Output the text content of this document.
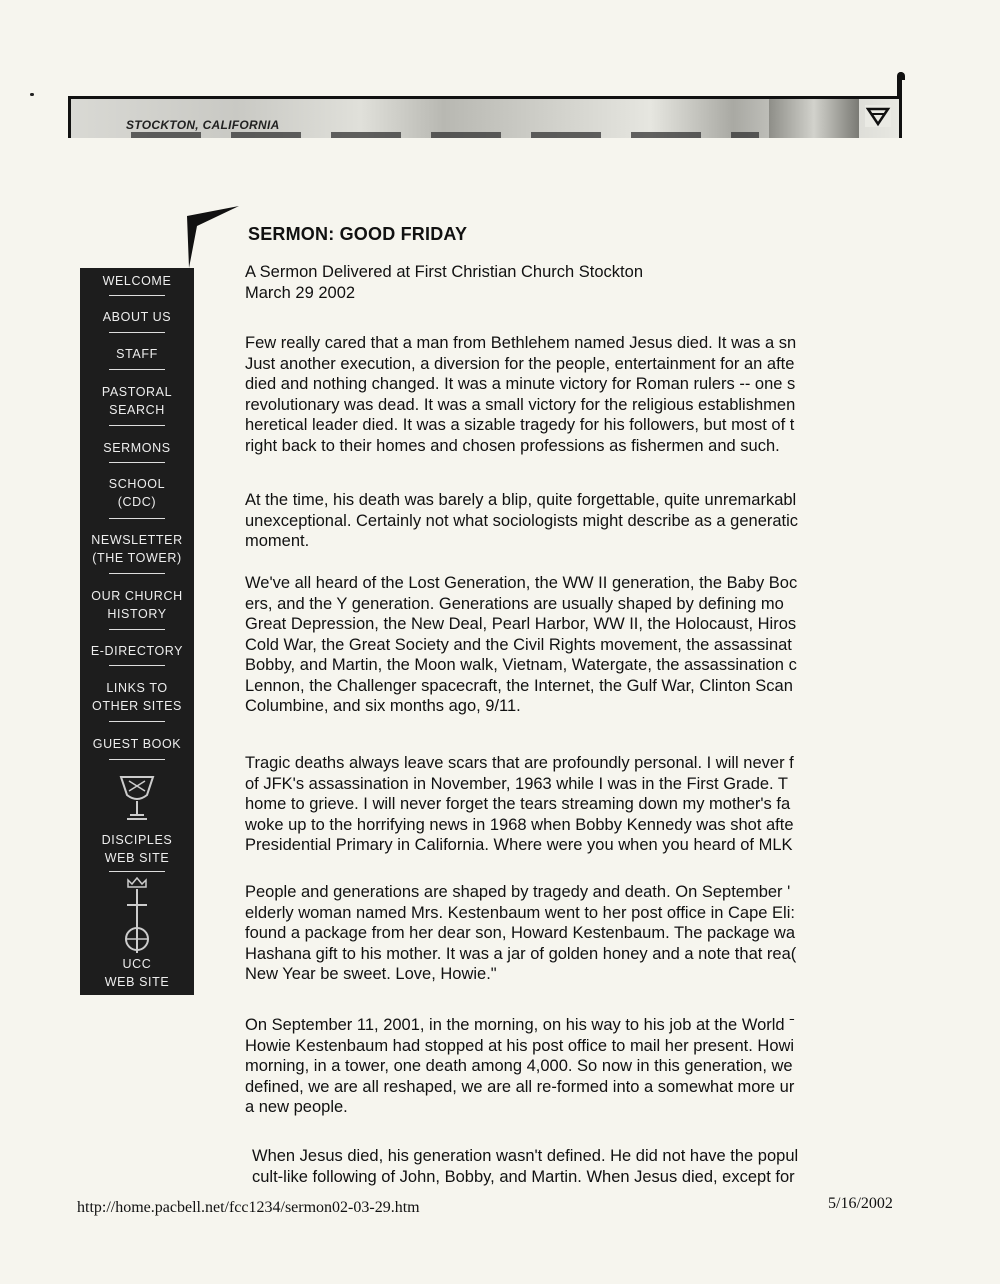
STOCKTON, CALIFORNIA
WELCOME
ABOUT US
STAFF
PASTORAL
SEARCH
SERMONS
SCHOOL
(CDC)
NEWSLETTER
(THE TOWER)
OUR CHURCH
HISTORY
E-DIRECTORY
LINKS TO
OTHER SITES
GUEST BOOK
DISCIPLES
WEB SITE
UCC
WEB SITE
SERMON: GOOD FRIDAY
A Sermon Delivered at First Christian Church Stockton
March 29 2002
Few really cared that a man from Bethlehem named Jesus died. It was a sn
Just another execution, a diversion for the people, entertainment for an afte
died and nothing changed. It was a minute victory for Roman rulers -- one s
revolutionary was dead. It was a small victory for the religious establishmen
heretical leader died. It was a sizable tragedy for his followers, but most of t
right back to their homes and chosen professions as fishermen and such.
At the time, his death was barely a blip, quite forgettable, quite unremarkabl
unexceptional. Certainly not what sociologists might describe as a generatic
moment.
We've all heard of the Lost Generation, the WW II generation, the Baby Boc
ers, and the Y generation. Generations are usually shaped by defining mo
Great Depression, the New Deal, Pearl Harbor, WW II, the Holocaust, Hiros
Cold War, the Great Society and the Civil Rights movement, the assassinat
Bobby, and Martin, the Moon walk, Vietnam, Watergate, the assassination c
Lennon, the Challenger spacecraft, the Internet, the Gulf War, Clinton Scan
Columbine, and six months ago, 9/11.
Tragic deaths always leave scars that are profoundly personal. I will never f
of JFK's assassination in November, 1963 while I was in the First Grade. T
home to grieve. I will never forget the tears streaming down my mother's fa
woke up to the horrifying news in 1968 when Bobby Kennedy was shot afte
Presidential Primary in California. Where were you when you heard of MLK
People and generations are shaped by tragedy and death. On September '
elderly woman named Mrs. Kestenbaum went to her post office in Cape Eli:
found a package from her dear son, Howard Kestenbaum. The package wa
Hashana gift to his mother. It was a jar of golden honey and a note that rea(
New Year be sweet. Love, Howie."
On September 11, 2001, in the morning, on his way to his job at the World ˉ
Howie Kestenbaum had stopped at his post office to mail her present. Howi
morning, in a tower, one death among 4,000. So now in this generation, we
defined, we are all reshaped, we are all re-formed into a somewhat more ur
a new people.
When Jesus died, his generation wasn't defined. He did not have the popul
cult-like following of John, Bobby, and Martin. When Jesus died, except for
http://home.pacbell.net/fcc1234/sermon02-03-29.htm	5/16/2002
